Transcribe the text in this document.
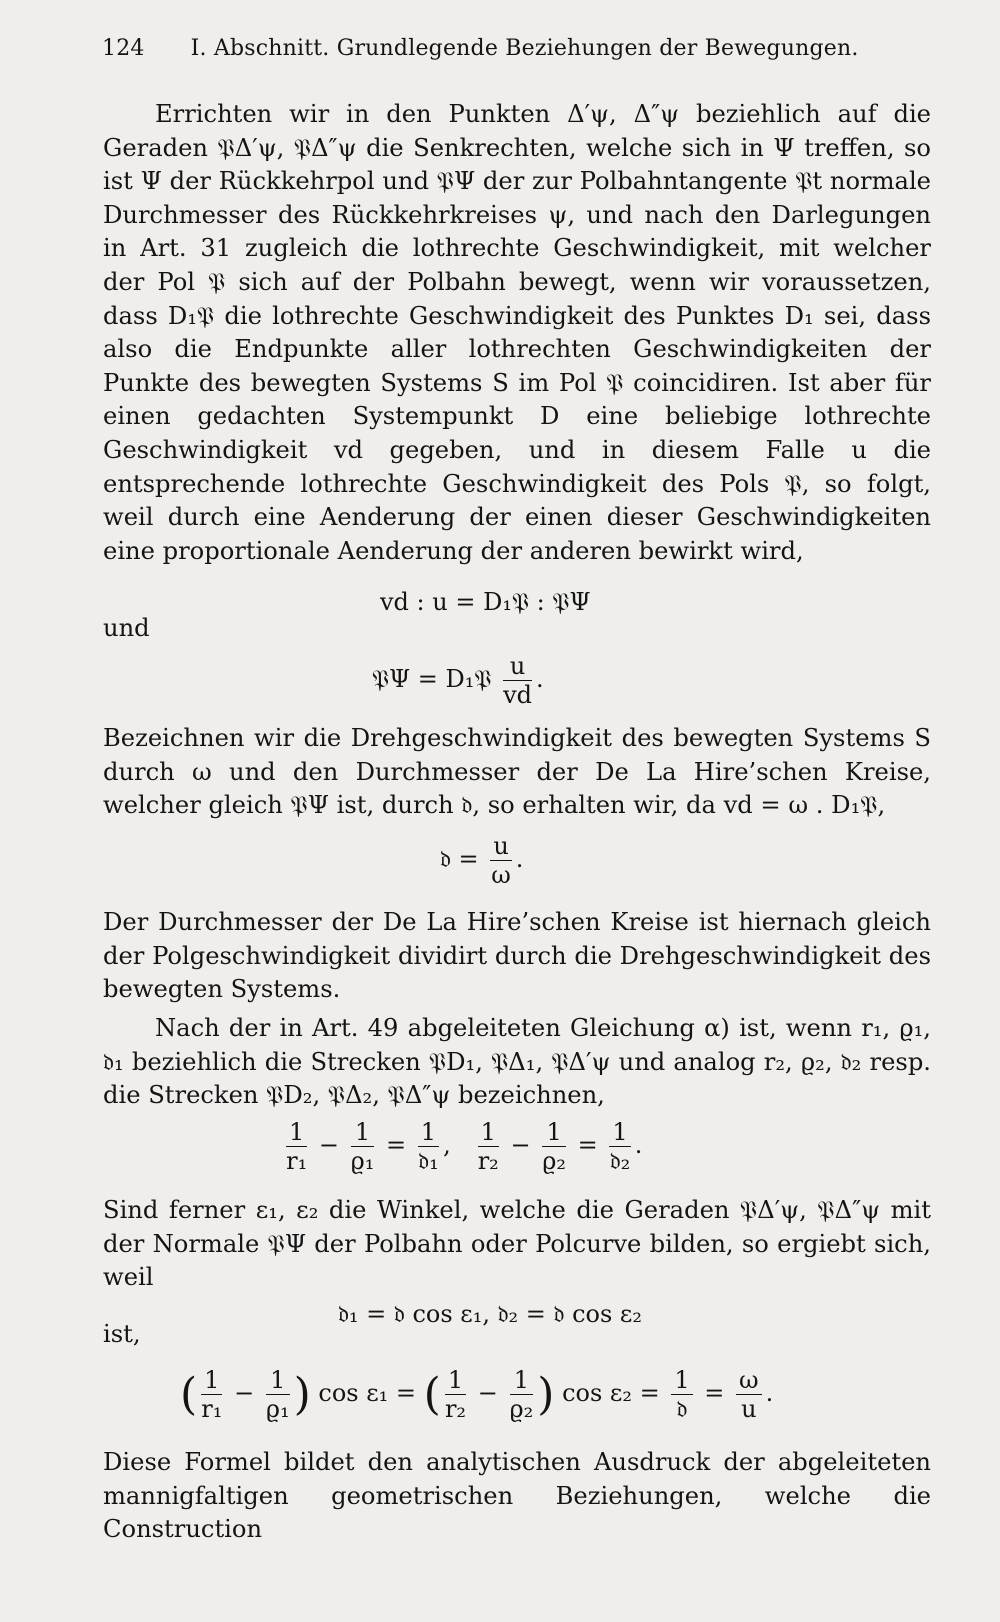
124 I. Abschnitt. Grundlegende Beziehungen der Bewegungen.

Errichten wir in den Punkten Δ′ψ, Δ″ψ beziehlich auf die Geraden 𝔓Δ′ψ, 𝔓Δ″ψ die Senkrechten, welche sich in Ψ treffen, so ist Ψ der Rückkehrpol und 𝔓Ψ der zur Polbahntangente 𝔓t normale Durchmesser des Rückkehrkreises ψ, und nach den Darlegungen in Art. 31 zugleich die lothrechte Geschwindigkeit, mit welcher der Pol 𝔓 sich auf der Polbahn bewegt, wenn wir voraussetzen, dass D₁𝔓 die lothrechte Geschwindigkeit des Punktes D₁ sei, dass also die Endpunkte aller lothrechten Geschwindigkeiten der Punkte des bewegten Systems S im Pol 𝔓 coincidiren. Ist aber für einen gedachten Systempunkt D eine beliebige lothrechte Geschwindigkeit vd gegeben, und in diesem Falle u die entsprechende lothrechte Geschwindigkeit des Pols 𝔓, so folgt, weil durch eine Aenderung der einen dieser Geschwindigkeiten eine proportionale Aenderung der anderen bewirkt wird,

vd : u = D₁𝔓 : 𝔓Ψ
und
𝔓Ψ = D₁𝔓 $\frac{u}{vd}$ .

Bezeichnen wir die Drehgeschwindigkeit des bewegten Systems S durch ω und den Durchmesser der De La Hire’schen Kreise, welcher gleich 𝔓Ψ ist, durch 𝔡, so erhalten wir, da vd = ω . D₁𝔓,

𝔡 = $\frac{u}{\omega}$ .

Der Durchmesser der De La Hire’schen Kreise ist hiernach gleich der Polgeschwindigkeit dividirt durch die Drehgeschwindigkeit des bewegten Systems.

Nach der in Art. 49 abgeleiteten Gleichung α) ist, wenn r₁, ϱ₁, 𝔡₁ beziehlich die Strecken 𝔓D₁, 𝔓Δ₁, 𝔓Δ′ψ und analog r₂, ϱ₂, 𝔡₂ resp. die Strecken 𝔓D₂, 𝔓Δ₂, 𝔓Δ″ψ bezeichnen,

$\frac{1}{\text{r₁}} - \frac{1}{\text{ϱ₁}} = \frac{1}{\text{𝔡₁}}$ , $\frac{1}{\text{r₂}} - \frac{1}{\text{ϱ₂}} = \frac{1}{\text{𝔡₂}}$ .

Sind ferner ε₁, ε₂ die Winkel, welche die Geraden 𝔓Δ′ψ, 𝔓Δ″ψ mit der Normale 𝔓Ψ der Polbahn oder Polcurve bilden, so ergiebt sich, weil

𝔡₁ = 𝔡 cos ε₁, 𝔡₂ = 𝔡 cos ε₂
ist,
( $\frac{1}{\text{r₁}} - \frac{1}{\text{ϱ₁}}$ ) cos ε₁ = ( $\frac{1}{\text{r₂}} - \frac{1}{\text{ϱ₂}}$ ) $\cos \varepsilon_2 = \frac{1}{\text{𝔡}} = \frac{\omega}{u}$ .

Diese Formel bildet den analytischen Ausdruck der abgeleiteten mannigfaltigen geometrischen Beziehungen, welche die Construction
